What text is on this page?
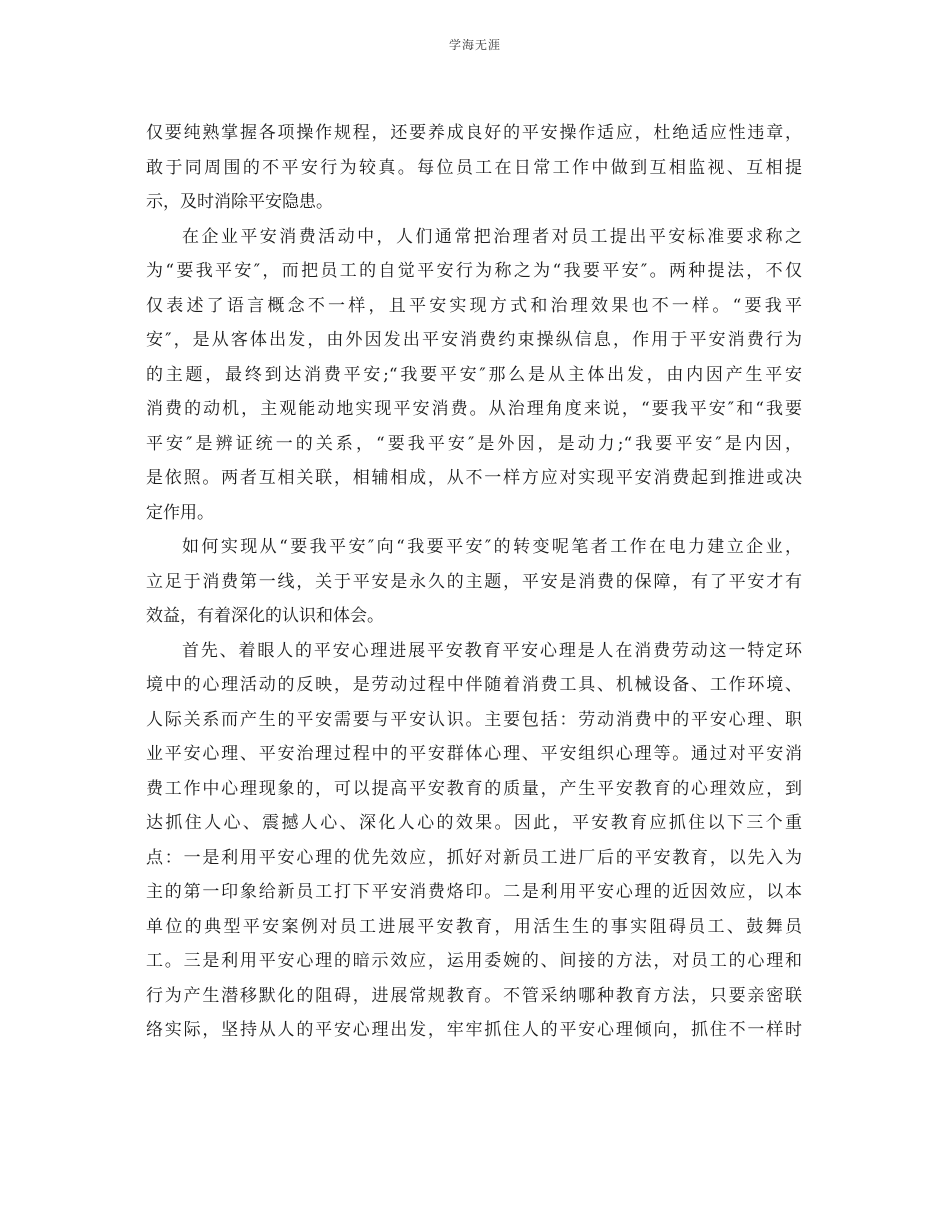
学海无涯
仅要纯熟掌握各项操作规程，还要养成良好的平安操作适应，杜绝适应性违章，
敢于同周围的不平安行为较真。每位员工在日常工作中做到互相监视、互相提
示，及时消除平安隐患。
在企业平安消费活动中，人们通常把治理者对员工提出平安标准要求称之
为“要我平安″，而把员工的自觉平安行为称之为“我要平安″。两种提法，不仅
仅表述了语言概念不一样，且平安实现方式和治理效果也不一样。“要我平
安″，是从客体出发，由外因发出平安消费约束操纵信息，作用于平安消费行为
的主题，最终到达消费平安;“我要平安″那么是从主体出发，由内因产生平安
消费的动机，主观能动地实现平安消费。从治理角度来说，“要我平安″和“我要
平安″是辨证统一的关系，“要我平安″是外因，是动力;“我要平安″是内因，
是依照。两者互相关联，相辅相成，从不一样方应对实现平安消费起到推进或决
定作用。
如何实现从“要我平安″向“我要平安″的转变呢笔者工作在电力建立企业，
立足于消费第一线，关于平安是永久的主题，平安是消费的保障，有了平安才有
效益，有着深化的认识和体会。
首先、着眼人的平安心理进展平安教育平安心理是人在消费劳动这一特定环
境中的心理活动的反映，是劳动过程中伴随着消费工具、机械设备、工作环境、
人际关系而产生的平安需要与平安认识。主要包括：劳动消费中的平安心理、职
业平安心理、平安治理过程中的平安群体心理、平安组织心理等。通过对平安消
费工作中心理现象的，可以提高平安教育的质量，产生平安教育的心理效应，到
达抓住人心、震撼人心、深化人心的效果。因此，平安教育应抓住以下三个重
点：一是利用平安心理的优先效应，抓好对新员工进厂后的平安教育，以先入为
主的第一印象给新员工打下平安消费烙印。二是利用平安心理的近因效应，以本
单位的典型平安案例对员工进展平安教育，用活生生的事实阻碍员工、鼓舞员
工。三是利用平安心理的暗示效应，运用委婉的、间接的方法，对员工的心理和
行为产生潜移默化的阻碍，进展常规教育。不管采纳哪种教育方法，只要亲密联
络实际，坚持从人的平安心理出发，牢牢抓住人的平安心理倾向，抓住不一样时
